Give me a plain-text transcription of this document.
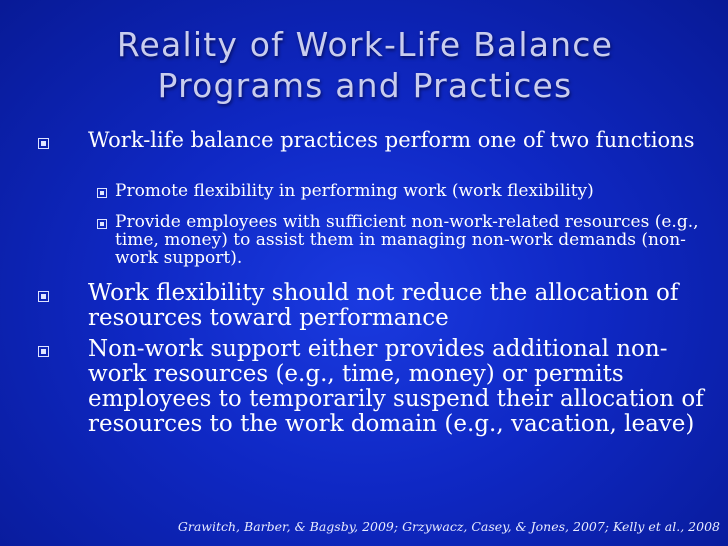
Reality of Work-Life Balance
Programs and Practices
Work-life balance practices perform one of two functions
Promote flexibility in performing work (work flexibility)
Provide employees with sufficient non-work-related resources (e.g., time, money) to assist them in managing non-work demands (non-work support).
Work flexibility should not reduce the allocation of resources toward performance
Non-work support either provides additional non-work resources (e.g., time, money) or permits employees to temporarily suspend their allocation of resources to the work domain (e.g., vacation, leave)
Grawitch, Barber, & Bagsby, 2009; Grzywacz, Casey, & Jones, 2007; Kelly et al., 2008
